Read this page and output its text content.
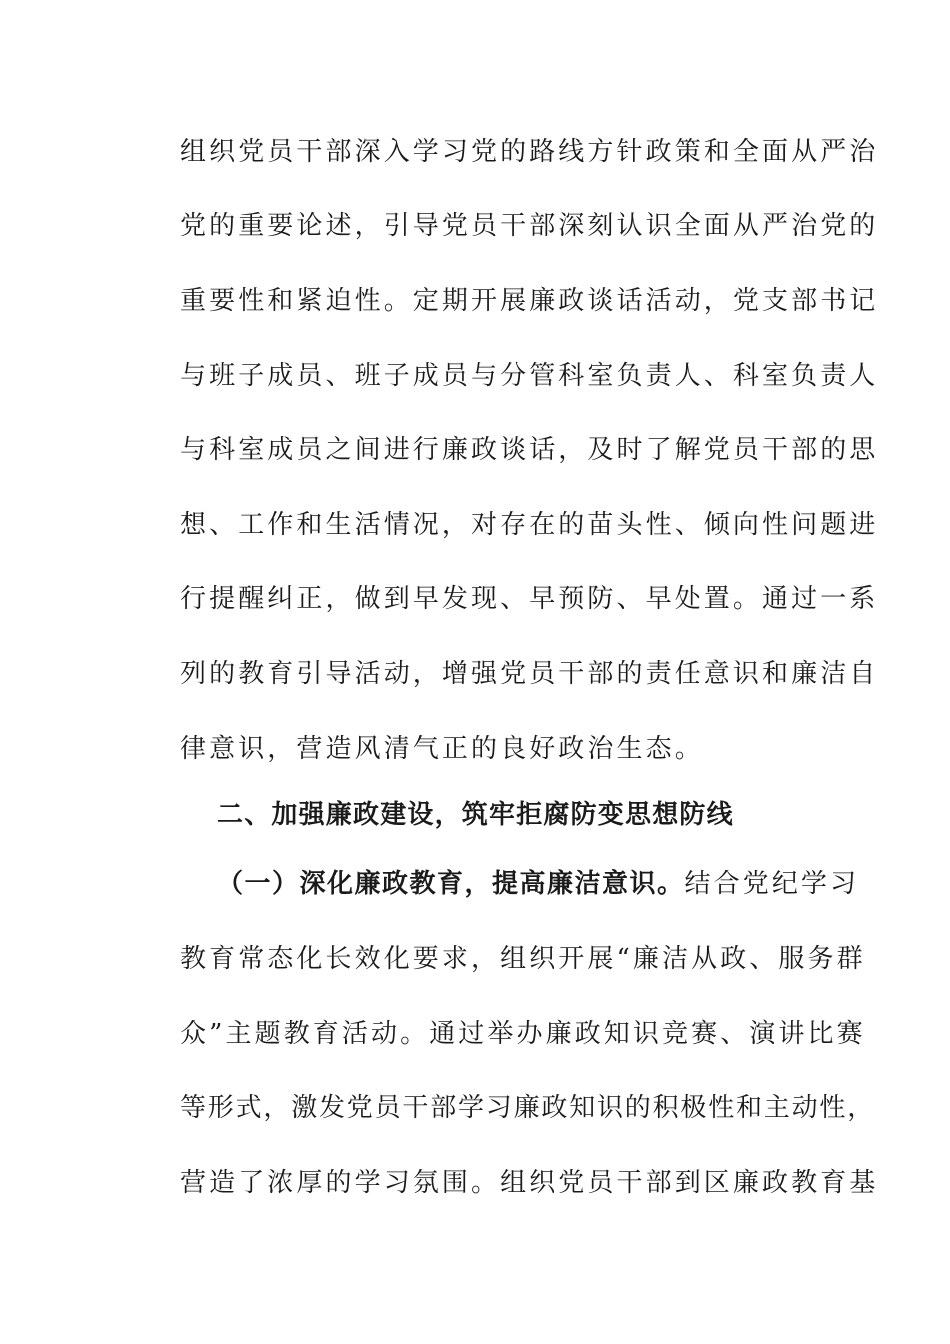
组织党员干部深入学习党的路线方针政策和全面从严治
党的重要论述，引导党员干部深刻认识全面从严治党的
重要性和紧迫性。定期开展廉政谈话活动，党支部书记
与班子成员、班子成员与分管科室负责人、科室负责人
与科室成员之间进行廉政谈话，及时了解党员干部的思
想、工作和生活情况，对存在的苗头性、倾向性问题进
行提醒纠正，做到早发现、早预防、早处置。通过一系
列的教育引导活动，增强党员干部的责任意识和廉洁自
律意识，营造风清气正的良好政治生态。
二、加强廉政建设，筑牢拒腐防变思想防线
（一）深化廉政教育，提高廉洁意识。结合党纪学习
教育常态化长效化要求，组织开展“廉洁从政、服务群
众”主题教育活动。通过举办廉政知识竞赛、演讲比赛
等形式，激发党员干部学习廉政知识的积极性和主动性，
营造了浓厚的学习氛围。组织党员干部到区廉政教育基
